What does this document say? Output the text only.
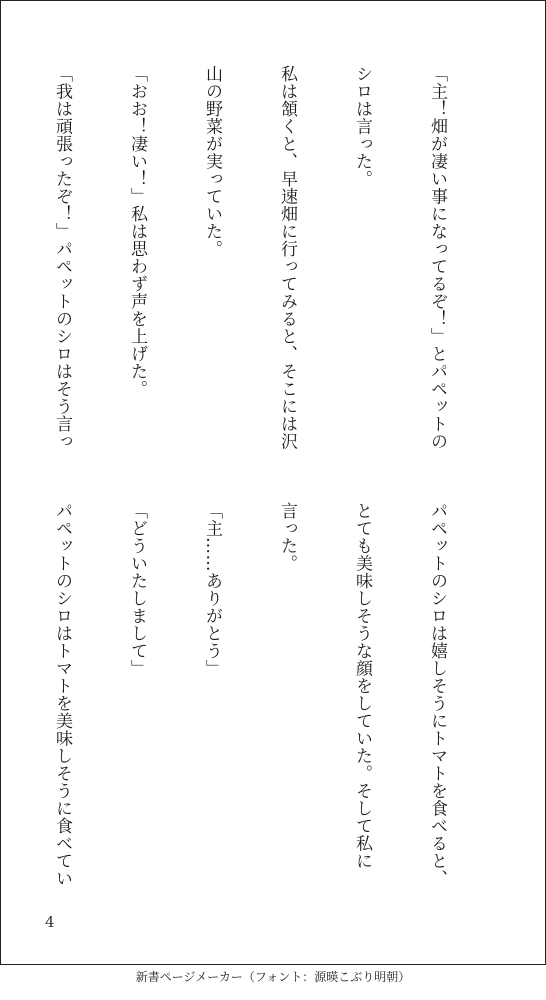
「主！畑が凄い事になってるぞ！」とパペットの

シロは言った。

私は頷くと、早速畑に行ってみると、そこには沢

山の野菜が実っていた。

「おお！凄い！」私は思わず声を上げた。

「我は頑張ったぞ！」パペットのシロはそう言っ

パペットのシロは嬉しそうにトマトを食べると、

とても美味しそうな顔をしていた。そして私に

言った。

「主……ありがとう」

「どういたしまして」

パペットのシロはトマトを美味しそうに食べてい

4
新書ページメーカー（フォント：源暎こぶり明朝）
